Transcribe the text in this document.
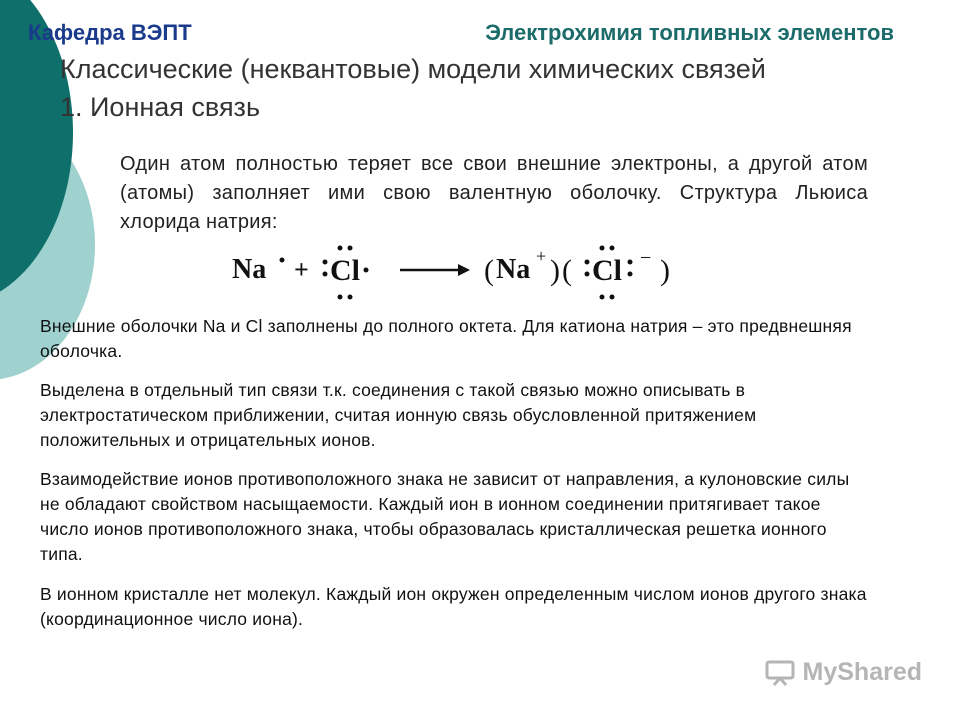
Кафедра ВЭПТ	Электрохимия топливных элементов
Классические (неквантовые) модели химических связей
1. Ионная связь
Один атом полностью теряет все свои внешние электроны, а другой атом (атомы) заполняет ими свою валентную оболочку. Структура Льюиса хлорида натрия:
Na + Cl	( Na + ) ( Cl − )
Внешние оболочки Na и Cl заполнены до полного октета. Для катиона натрия – это предвнешняя оболочка.
Выделена в отдельный тип связи т.к. соединения с такой связью можно описывать в электростатическом приближении, считая ионную связь обусловленной притяжением положительных и отрицательных ионов.
Взаимодействие ионов противоположного знака не зависит от направления, а кулоновские силы не обладают свойством насыщаемости. Каждый ион в ионном соединении притягивает такое число ионов противоположного знака, чтобы образовалась кристаллическая решетка ионного типа.
В ионном кристалле нет молекул. Каждый ион окружен определенным числом ионов другого знака (координационное число иона).
MyShared
